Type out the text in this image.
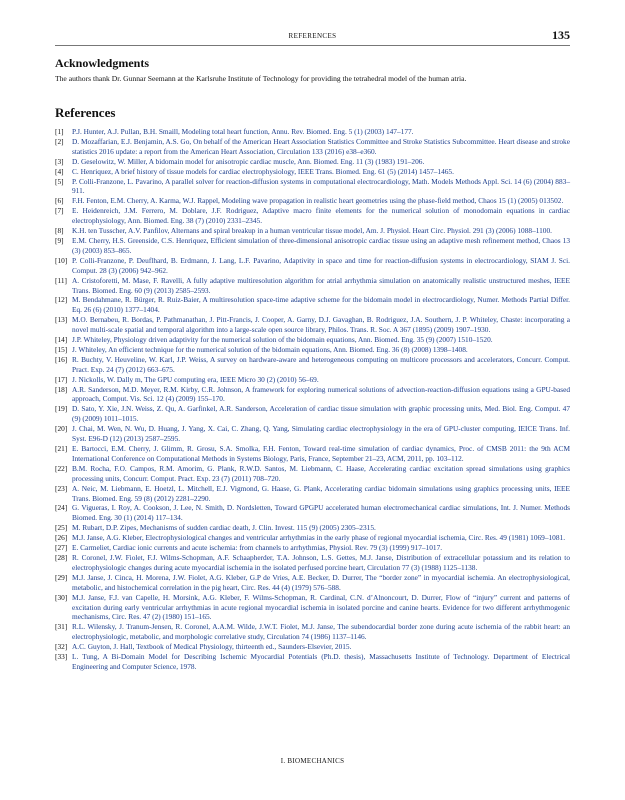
REFERENCES	135
Acknowledgments

The authors thank Dr. Gunnar Seemann at the Karlsruhe Institute of Technology for providing the tetrahedral model of the human atria.

References
[1]	P.J. Hunter, A.J. Pullan, B.H. Smaill, Modeling total heart function, Annu. Rev. Biomed. Eng. 5 (1) (2003) 147–177.
[2]	D. Mozaffarian, E.J. Benjamin, A.S. Go, On behalf of the American Heart Association Statistics Committee and Stroke Statistics Subcommittee. Heart disease and stroke statistics 2016 update: a report from the American Heart Association, Circulation 133 (2016) e38–e360.
[3]	D. Geselowitz, W. Miller, A bidomain model for anisotropic cardiac muscle, Ann. Biomed. Eng. 11 (3) (1983) 191–206.
[4]	C. Henriquez, A brief history of tissue models for cardiac electrophysiology, IEEE Trans. Biomed. Eng. 61 (5) (2014) 1457–1465.
[5]	P. Colli-Franzone, L. Pavarino, A parallel solver for reaction-diffusion systems in computational electrocardiology, Math. Models Methods Appl. Sci. 14 (6) (2004) 883–911.
[6]	F.H. Fenton, E.M. Cherry, A. Karma, W.J. Rappel, Modeling wave propagation in realistic heart geometries using the phase-field method, Chaos 15 (1) (2005) 013502.
[7]	E. Heidenreich, J.M. Ferrero, M. Doblare, J.F. Rodriguez, Adaptive macro finite elements for the numerical solution of monodomain equations in cardiac electrophysiology, Ann. Biomed. Eng. 38 (7) (2010) 2331–2345.
[8]	K.H. ten Tusscher, A.V. Panfilov, Alternans and spiral breakup in a human ventricular tissue model, Am. J. Physiol. Heart Circ. Physiol. 291 (3) (2006) 1088–1100.
[9]	E.M. Cherry, H.S. Greenside, C.S. Henriquez, Efficient simulation of three-dimensional anisotropic cardiac tissue using an adaptive mesh refinement method, Chaos 13 (3) (2003) 853–865.
[10] P. Colli-Franzone, P. Deuflhard, B. Erdmann, J. Lang, L.F. Pavarino, Adaptivity in space and time for reaction-diffusion systems in electrocardiology, SIAM J. Sci. Comput. 28 (3) (2006) 942–962.
[11] A. Cristoforetti, M. Mase, F. Ravelli, A fully adaptive multiresolution algorithm for atrial arrhythmia simulation on anatomically realistic unstructured meshes, IEEE Trans. Biomed. Eng. 60 (9) (2013) 2585–2593.
[12] M. Bendahmane, R. Bürger, R. Ruiz-Baier, A multiresolution space-time adaptive scheme for the bidomain model in electrocardiology, Numer. Methods Partial Differ. Eq. 26 (6) (2010) 1377–1404.
[13] M.O. Bernabeu, R. Bordas, P. Pathmanathan, J. Pitt-Francis, J. Cooper, A. Garny, D.J. Gavaghan, B. Rodriguez, J.A. Southern, J. P. Whiteley, Chaste: incorporating a novel multi-scale spatial and temporal algorithm into a large-scale open source library, Philos. Trans. R. Soc. A 367 (1895) (2009) 1907–1930.
[14] J.P. Whiteley, Physiology driven adaptivity for the numerical solution of the bidomain equations, Ann. Biomed. Eng. 35 (9) (2007) 1510–1520.
[15] J. Whiteley, An efficient technique for the numerical solution of the bidomain equations, Ann. Biomed. Eng. 36 (8) (2008) 1398–1408.
[16] R. Buchty, V. Heuveline, W. Karl, J.P. Weiss, A survey on hardware-aware and heterogeneous computing on multicore processors and accelerators, Concurr. Comput. Pract. Exp. 24 (7) (2012) 663–675.
[17] J. Nickolls, W. Dally m, The GPU computing era, IEEE Micro 30 (2) (2010) 56–69.
[18] A.R. Sanderson, M.D. Meyer, R.M. Kirby, C.R. Johnson, A framework for exploring numerical solutions of advection-reaction-diffusion equations using a GPU-based approach, Comput. Vis. Sci. 12 (4) (2009) 155–170.
[19] D. Sato, Y. Xie, J.N. Weiss, Z. Qu, A. Garfinkel, A.R. Sanderson, Acceleration of cardiac tissue simulation with graphic processing units, Med. Biol. Eng. Comput. 47 (9) (2009) 1011–1015.
[20] J. Chai, M. Wen, N. Wu, D. Huang, J. Yang, X. Cai, C. Zhang, Q. Yang, Simulating cardiac electrophysiology in the era of GPU-cluster computing, IEICE Trans. Inf. Syst. E96-D (12) (2013) 2587–2595.
[21] E. Bartocci, E.M. Cherry, J. Glimm, R. Grosu, S.A. Smolka, F.H. Fenton, Toward real-time simulation of cardiac dynamics, Proc. of CMSB 2011: the 9th ACM International Conference on Computational Methods in Systems Biology, Paris, France, September 21–23, ACM, 2011, pp. 103–112.
[22] B.M. Rocha, F.O. Campos, R.M. Amorim, G. Plank, R.W.D. Santos, M. Liebmann, C. Haase, Accelerating cardiac excitation spread simulations using graphics processing units, Concurr. Comput. Pract. Exp. 23 (7) (2011) 708–720.
[23] A. Neic, M. Liebmann, E. Hoetzl, L. Mitchell, E.J. Vigmond, G. Haase, G. Plank, Accelerating cardiac bidomain simulations using graphics processing units, IEEE Trans. Biomed. Eng. 59 (8) (2012) 2281–2290.
[24] G. Vigueras, I. Roy, A. Cookson, J. Lee, N. Smith, D. Nordsletten, Toward GPGPU accelerated human electromechanical cardiac simulations, Int. J. Numer. Methods Biomed. Eng. 30 (1) (2014) 117–134.
[25] M. Rubart, D.P. Zipes, Mechanisms of sudden cardiac death, J. Clin. Invest. 115 (9) (2005) 2305–2315.
[26] M.J. Janse, A.G. Kleber, Electrophysiological changes and ventricular arrhythmias in the early phase of regional myocardial ischemia, Circ. Res. 49 (1981) 1069–1081.
[27] E. Carmeliet, Cardiac ionic currents and acute ischemia: from channels to arrhythmias, Physiol. Rev. 79 (3) (1999) 917–1017.
[28] R. Coronel, J.W. Fiolet, F.J. Wilms-Schopman, A.F. Schaapherder, T.A. Johnson, L.S. Gettes, M.J. Janse, Distribution of extracellular potassium and its relation to electrophysiologic changes during acute myocardial ischemia in the isolated perfused porcine heart, Circulation 77 (3) (1988) 1125–1138.
[29] M.J. Janse, J. Cinca, H. Morena, J.W. Fiolet, A.G. Kleber, G.P de Vries, A.E. Becker, D. Durrer, The “border zone” in myocardial ischemia. An electrophysiological, metabolic, and histochemical correlation in the pig heart, Circ. Res. 44 (4) (1979) 576–588.
[30] M.J. Janse, F.J. van Capelle, H. Morsink, A.G. Kleber, F. Wilms-Schopman, R. Cardinal, C.N. d’Alnoncourt, D. Durrer, Flow of “injury” current and patterns of excitation during early ventricular arrhythmias in acute regional myocardial ischemia in isolated porcine and canine hearts. Evidence for two different arrhythmogenic mechanisms, Circ. Res. 47 (2) (1980) 151–165.
[31] R.L. Wilensky, J. Tranum-Jensen, R. Coronel, A.A.M. Wilde, J.W.T. Fiolet, M.J. Janse, The subendocardial border zone during acute ischemia of the rabbit heart: an electrophysiologic, metabolic, and morphologic correlative study, Circulation 74 (1986) 1137–1146.
[32] A.C. Guyton, J. Hall, Textbook of Medical Physiology, thirteenth ed., Saunders-Elsevier, 2015.
[33] L. Tung, A Bi-Domain Model for Describing Ischemic Myocardial Potentials (Ph.D. thesis), Massachusetts Institute of Technology. Department of Electrical Engineering and Computer Science, 1978.
I. BIOMECHANICS
